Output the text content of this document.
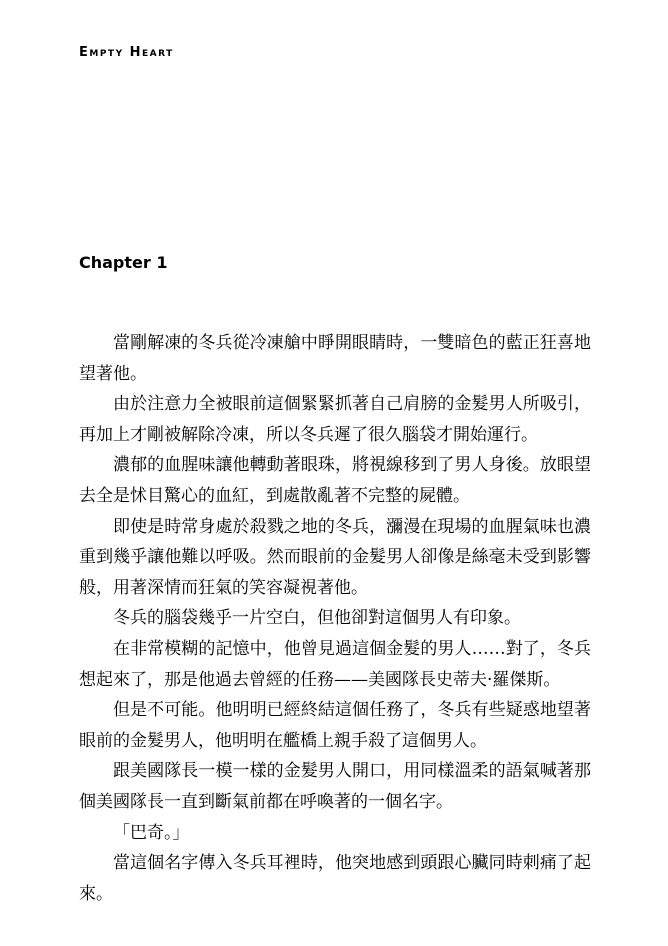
Empty Heart
Chapter 1

當剛解凍的冬兵從冷凍艙中睜開眼睛時，一雙暗色的藍正狂喜地望著他。

由於注意力全被眼前這個緊緊抓著自己肩膀的金髮男人所吸引，再加上才剛被解除冷凍，所以冬兵遲了很久腦袋才開始運行。

濃郁的血腥味讓他轉動著眼珠，將視線移到了男人身後。放眼望去全是怵目驚心的血紅，到處散亂著不完整的屍體。

即使是時常身處於殺戮之地的冬兵，瀰漫在現場的血腥氣味也濃重到幾乎讓他難以呼吸。然而眼前的金髮男人卻像是絲毫未受到影響般，用著深情而狂氣的笑容凝視著他。

冬兵的腦袋幾乎一片空白，但他卻對這個男人有印象。

在非常模糊的記憶中，他曾見過這個金髮的男人……對了，冬兵想起來了，那是他過去曾經的任務——美國隊長史蒂夫·羅傑斯。

但是不可能。他明明已經終結這個任務了，冬兵有些疑惑地望著眼前的金髮男人，他明明在艦橋上親手殺了這個男人。

跟美國隊長一模一樣的金髮男人開口，用同樣溫柔的語氣喊著那個美國隊長一直到斷氣前都在呼喚著的一個名字。

「巴奇。」

當這個名字傳入冬兵耳裡時，他突地感到頭跟心臟同時刺痛了起來。
